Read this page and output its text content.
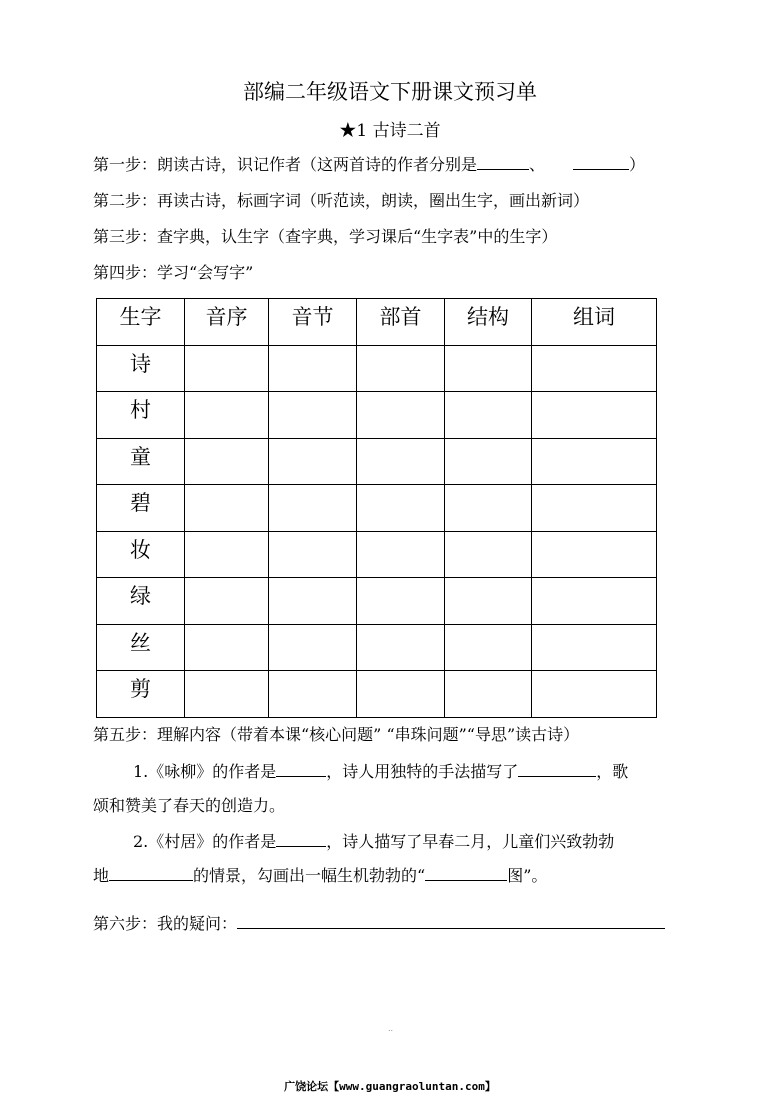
部编二年级语文下册课文预习单
★1 古诗二首
第一步：朗读古诗，识记作者（这两首诗的作者分别是	、	）
第二步：再读古诗，标画字词（听范读，朗读，圈出生字，画出新词）
第三步：查字典，认生字（查字典，学习课后“生字表”中的生字）
第四步：学习“会写字”
生字	音序	音节	部首	结构	组词
诗					
村					
童					
碧					
妆					
绿					
丝					
剪					
第五步：理解内容（带着本课“核心问题” “串珠问题”“导思”读古诗）
1.《咏柳》的作者是	，诗人用独特的手法描写了	，歌
颂和赞美了春天的创造力。
2.《村居》的作者是	，诗人描写了早春二月，儿童们兴致勃勃
地	的情景，勾画出一幅生机勃勃的“	图”。
第六步：我的疑问：
..
广饶论坛【www.guangraoluntan.com】
